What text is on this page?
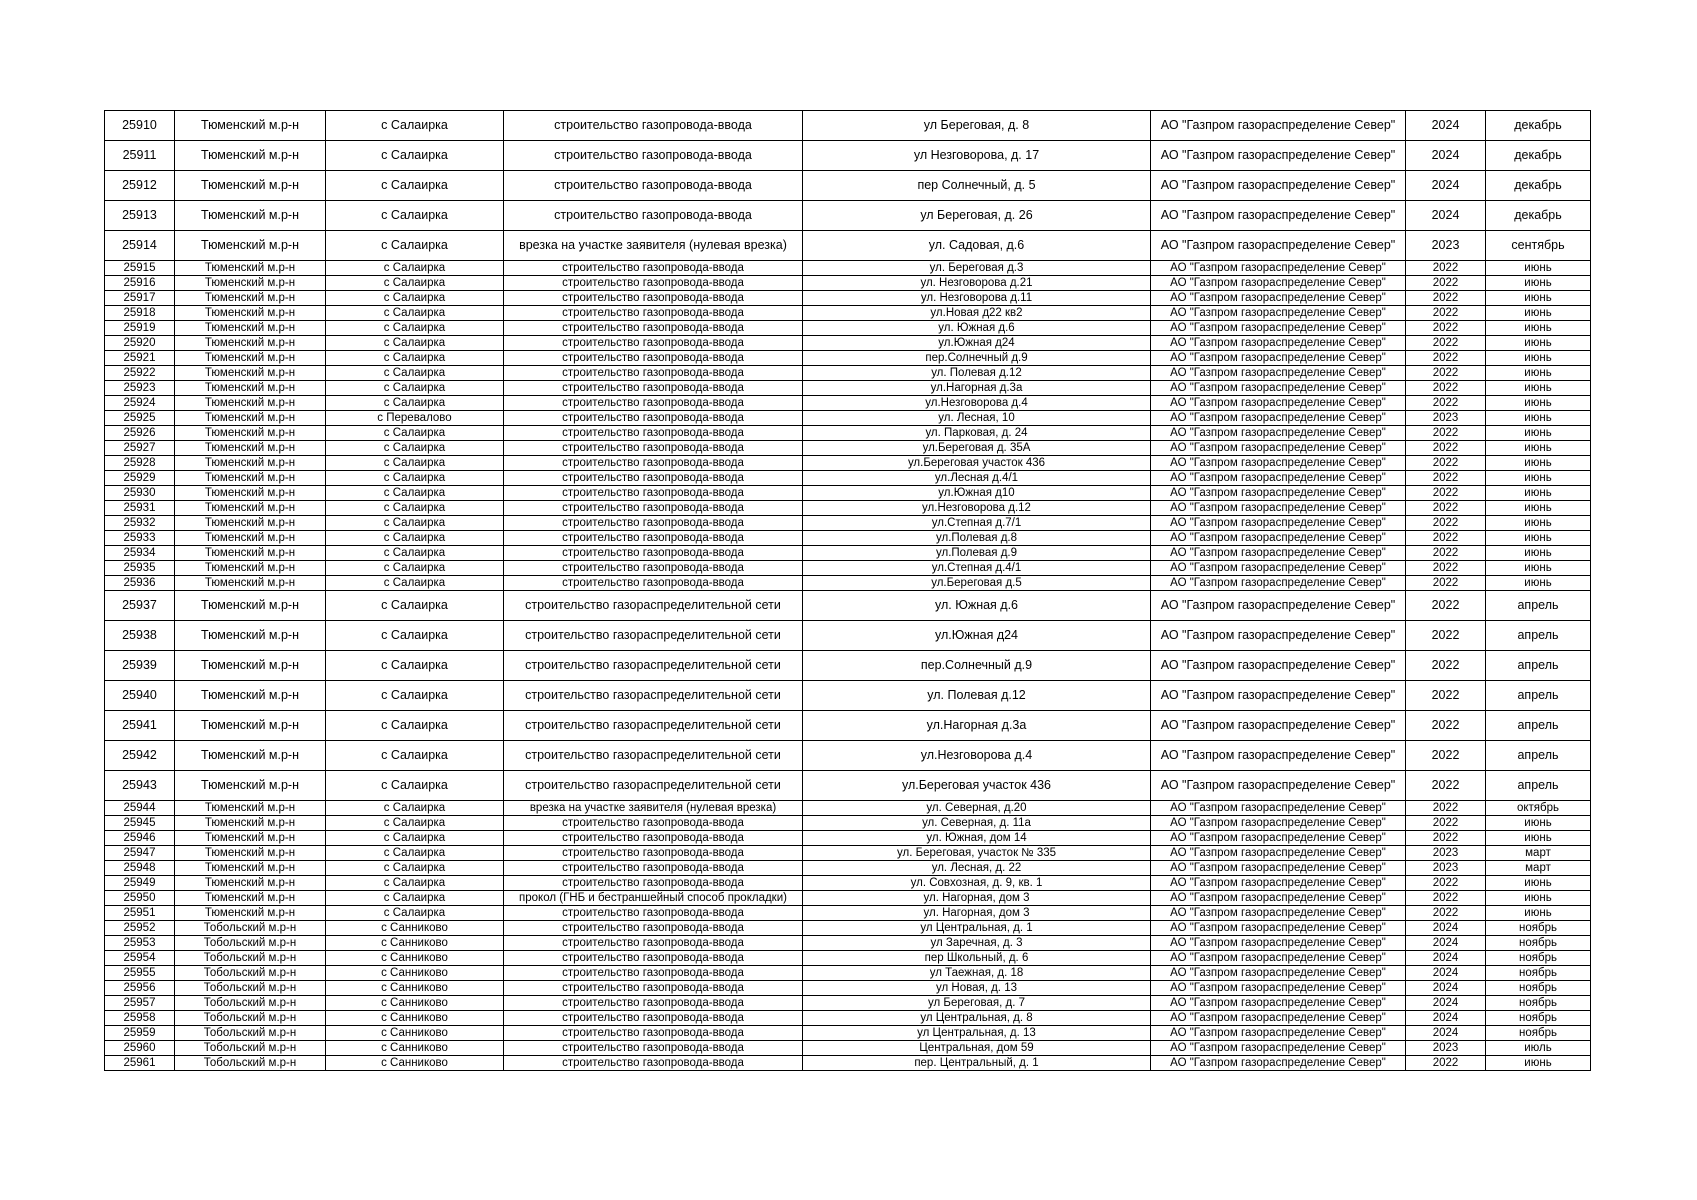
25910	Тюменский м.р-н	с Салаирка	строительство газопровода-ввода	ул Береговая, д. 8	АО "Газпром газораспределение Север"	2024	декабрь
25911	Тюменский м.р-н	с Салаирка	строительство газопровода-ввода	ул Незговорова, д. 17	АО "Газпром газораспределение Север"	2024	декабрь
25912	Тюменский м.р-н	с Салаирка	строительство газопровода-ввода	пер Солнечный, д. 5	АО "Газпром газораспределение Север"	2024	декабрь
25913	Тюменский м.р-н	с Салаирка	строительство газопровода-ввода	ул Береговая, д. 26	АО "Газпром газораспределение Север"	2024	декабрь
25914	Тюменский м.р-н	с Салаирка	врезка на участке заявителя (нулевая врезка)	ул. Садовая, д.6	АО "Газпром газораспределение Север"	2023	сентябрь
25915	Тюменский м.р-н	с Салаирка	строительство газопровода-ввода	ул. Береговая д.3	АО "Газпром газораспределение Север"	2022	июнь
25916	Тюменский м.р-н	с Салаирка	строительство газопровода-ввода	ул. Незговорова д.21	АО "Газпром газораспределение Север"	2022	июнь
25917	Тюменский м.р-н	с Салаирка	строительство газопровода-ввода	ул. Незговорова д.11	АО "Газпром газораспределение Север"	2022	июнь
25918	Тюменский м.р-н	с Салаирка	строительство газопровода-ввода	ул.Новая д22 кв2	АО "Газпром газораспределение Север"	2022	июнь
25919	Тюменский м.р-н	с Салаирка	строительство газопровода-ввода	ул. Южная д.6	АО "Газпром газораспределение Север"	2022	июнь
25920	Тюменский м.р-н	с Салаирка	строительство газопровода-ввода	ул.Южная д24	АО "Газпром газораспределение Север"	2022	июнь
25921	Тюменский м.р-н	с Салаирка	строительство газопровода-ввода	пер.Солнечный д.9	АО "Газпром газораспределение Север"	2022	июнь
25922	Тюменский м.р-н	с Салаирка	строительство газопровода-ввода	ул. Полевая д.12	АО "Газпром газораспределение Север"	2022	июнь
25923	Тюменский м.р-н	с Салаирка	строительство газопровода-ввода	ул.Нагорная д.3а	АО "Газпром газораспределение Север"	2022	июнь
25924	Тюменский м.р-н	с Салаирка	строительство газопровода-ввода	ул.Незговорова д.4	АО "Газпром газораспределение Север"	2022	июнь
25925	Тюменский м.р-н	с Перевалово	строительство газопровода-ввода	ул. Лесная, 10	АО "Газпром газораспределение Север"	2023	июнь
25926	Тюменский м.р-н	с Салаирка	строительство газопровода-ввода	ул. Парковая, д. 24	АО "Газпром газораспределение Север"	2022	июнь
25927	Тюменский м.р-н	с Салаирка	строительство газопровода-ввода	ул.Береговая д. 35А	АО "Газпром газораспределение Север"	2022	июнь
25928	Тюменский м.р-н	с Салаирка	строительство газопровода-ввода	ул.Береговая участок 436	АО "Газпром газораспределение Север"	2022	июнь
25929	Тюменский м.р-н	с Салаирка	строительство газопровода-ввода	ул.Лесная д.4/1	АО "Газпром газораспределение Север"	2022	июнь
25930	Тюменский м.р-н	с Салаирка	строительство газопровода-ввода	ул.Южная д10	АО "Газпром газораспределение Север"	2022	июнь
25931	Тюменский м.р-н	с Салаирка	строительство газопровода-ввода	ул.Незговорова д.12	АО "Газпром газораспределение Север"	2022	июнь
25932	Тюменский м.р-н	с Салаирка	строительство газопровода-ввода	ул.Степная д.7/1	АО "Газпром газораспределение Север"	2022	июнь
25933	Тюменский м.р-н	с Салаирка	строительство газопровода-ввода	ул.Полевая д.8	АО "Газпром газораспределение Север"	2022	июнь
25934	Тюменский м.р-н	с Салаирка	строительство газопровода-ввода	ул.Полевая д.9	АО "Газпром газораспределение Север"	2022	июнь
25935	Тюменский м.р-н	с Салаирка	строительство газопровода-ввода	ул.Степная д.4/1	АО "Газпром газораспределение Север"	2022	июнь
25936	Тюменский м.р-н	с Салаирка	строительство газопровода-ввода	ул.Береговая д.5	АО "Газпром газораспределение Север"	2022	июнь
25937	Тюменский м.р-н	с Салаирка	строительство газораспределительной сети	ул. Южная д.6	АО "Газпром газораспределение Север"	2022	апрель
25938	Тюменский м.р-н	с Салаирка	строительство газораспределительной сети	ул.Южная д24	АО "Газпром газораспределение Север"	2022	апрель
25939	Тюменский м.р-н	с Салаирка	строительство газораспределительной сети	пер.Солнечный д.9	АО "Газпром газораспределение Север"	2022	апрель
25940	Тюменский м.р-н	с Салаирка	строительство газораспределительной сети	ул. Полевая д.12	АО "Газпром газораспределение Север"	2022	апрель
25941	Тюменский м.р-н	с Салаирка	строительство газораспределительной сети	ул.Нагорная д.3а	АО "Газпром газораспределение Север"	2022	апрель
25942	Тюменский м.р-н	с Салаирка	строительство газораспределительной сети	ул.Незговорова д.4	АО "Газпром газораспределение Север"	2022	апрель
25943	Тюменский м.р-н	с Салаирка	строительство газораспределительной сети	ул.Береговая участок 436	АО "Газпром газораспределение Север"	2022	апрель
25944	Тюменский м.р-н	с Салаирка	врезка на участке заявителя (нулевая врезка)	ул. Северная, д.20	АО "Газпром газораспределение Север"	2022	октябрь
25945	Тюменский м.р-н	с Салаирка	строительство газопровода-ввода	ул. Северная, д. 11а	АО "Газпром газораспределение Север"	2022	июнь
25946	Тюменский м.р-н	с Салаирка	строительство газопровода-ввода	ул. Южная, дом 14	АО "Газпром газораспределение Север"	2022	июнь
25947	Тюменский м.р-н	с Салаирка	строительство газопровода-ввода	ул. Береговая, участок № 335	АО "Газпром газораспределение Север"	2023	март
25948	Тюменский м.р-н	с Салаирка	строительство газопровода-ввода	ул. Лесная, д. 22	АО "Газпром газораспределение Север"	2023	март
25949	Тюменский м.р-н	с Салаирка	строительство газопровода-ввода	ул. Совхозная, д. 9, кв. 1	АО "Газпром газораспределение Север"	2022	июнь
25950	Тюменский м.р-н	с Салаирка	прокол (ГНБ и бестраншейный способ прокладки)	ул. Нагорная, дом 3	АО "Газпром газораспределение Север"	2022	июнь
25951	Тюменский м.р-н	с Салаирка	строительство газопровода-ввода	ул. Нагорная, дом 3	АО "Газпром газораспределение Север"	2022	июнь
25952	Тобольский м.р-н	с Санниково	строительство газопровода-ввода	ул Центральная, д. 1	АО "Газпром газораспределение Север"	2024	ноябрь
25953	Тобольский м.р-н	с Санниково	строительство газопровода-ввода	ул Заречная, д. 3	АО "Газпром газораспределение Север"	2024	ноябрь
25954	Тобольский м.р-н	с Санниково	строительство газопровода-ввода	пер Школьный, д. 6	АО "Газпром газораспределение Север"	2024	ноябрь
25955	Тобольский м.р-н	с Санниково	строительство газопровода-ввода	ул Таежная, д. 18	АО "Газпром газораспределение Север"	2024	ноябрь
25956	Тобольский м.р-н	с Санниково	строительство газопровода-ввода	ул Новая, д. 13	АО "Газпром газораспределение Север"	2024	ноябрь
25957	Тобольский м.р-н	с Санниково	строительство газопровода-ввода	ул Береговая, д. 7	АО "Газпром газораспределение Север"	2024	ноябрь
25958	Тобольский м.р-н	с Санниково	строительство газопровода-ввода	ул Центральная, д. 8	АО "Газпром газораспределение Север"	2024	ноябрь
25959	Тобольский м.р-н	с Санниково	строительство газопровода-ввода	ул Центральная, д. 13	АО "Газпром газораспределение Север"	2024	ноябрь
25960	Тобольский м.р-н	с Санниково	строительство газопровода-ввода	Центральная, дом 59	АО "Газпром газораспределение Север"	2023	июль
25961	Тобольский м.р-н	с Санниково	строительство газопровода-ввода	пер. Центральный, д. 1	АО "Газпром газораспределение Север"	2022	июнь
